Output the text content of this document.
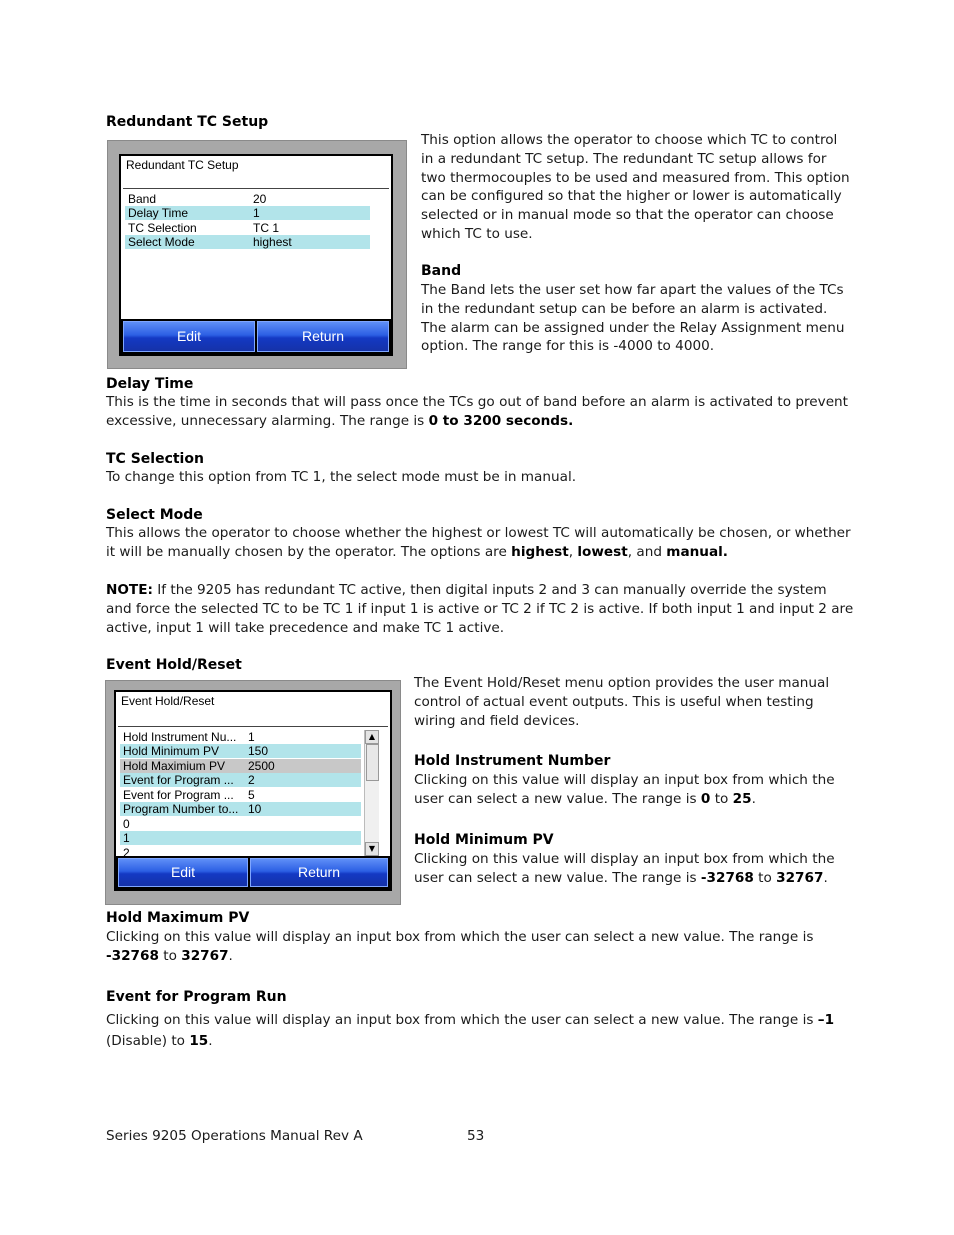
Redundant TC Setup
Redundant TC Setup
Band	20
Delay Time	1
TC Selection	TC 1
Select Mode	highest
Edit	Return

This option allows the operator to choose which TC to control in a redundant TC setup. The redundant TC setup allows for two thermocouples to be used and measured from. This option can be configured so that the higher or lower is automatically selected or in manual mode so that the operator can choose which TC to use.

Band

The Band lets the user set how far apart the values of the TCs in the redundant setup can be before an alarm is activated. The alarm can be assigned under the Relay Assignment menu option. The range for this is -4000 to 4000.

Delay Time

This is the time in seconds that will pass once the TCs go out of band before an alarm is activated to prevent excessive, unnecessary alarming. The range is 0 to 3200 seconds.

TC Selection

To change this option from TC 1, the select mode must be in manual.

Select Mode

This allows the operator to choose whether the highest or lowest TC will automatically be chosen, or whether it will be manually chosen by the operator. The options are highest, lowest, and manual.

NOTE: If the 9205 has redundant TC active, then digital inputs 2 and 3 can manually override the system and force the selected TC to be TC 1 if input 1 is active or TC 2 if TC 2 is active. If both input 1 and input 2 are active, input 1 will take precedence and make TC 1 active.

Event Hold/Reset
Event Hold/Reset
Hold Instrument Nu... 1
Hold Minimum PV 150
Hold Maximium PV 2500
Event for Program ... 2
Event for Program ... 5
Program Number to... 10
0
1
2
▲
▼
Edit	Return

The Event Hold/Reset menu option provides the user manual control of actual event outputs. This is useful when testing wiring and field devices.

Hold Instrument Number

Clicking on this value will display an input box from which the user can select a new value. The range is 0 to 25.

Hold Minimum PV

Clicking on this value will display an input box from which the user can select a new value. The range is -32768 to 32767.

Hold Maximum PV

Clicking on this value will display an input box from which the user can select a new value. The range is -32768 to 32767.

Event for Program Run

Clicking on this value will display an input box from which the user can select a new value. The range is –1 (Disable) to 15.

Series 9205 Operations Manual Rev A	53
